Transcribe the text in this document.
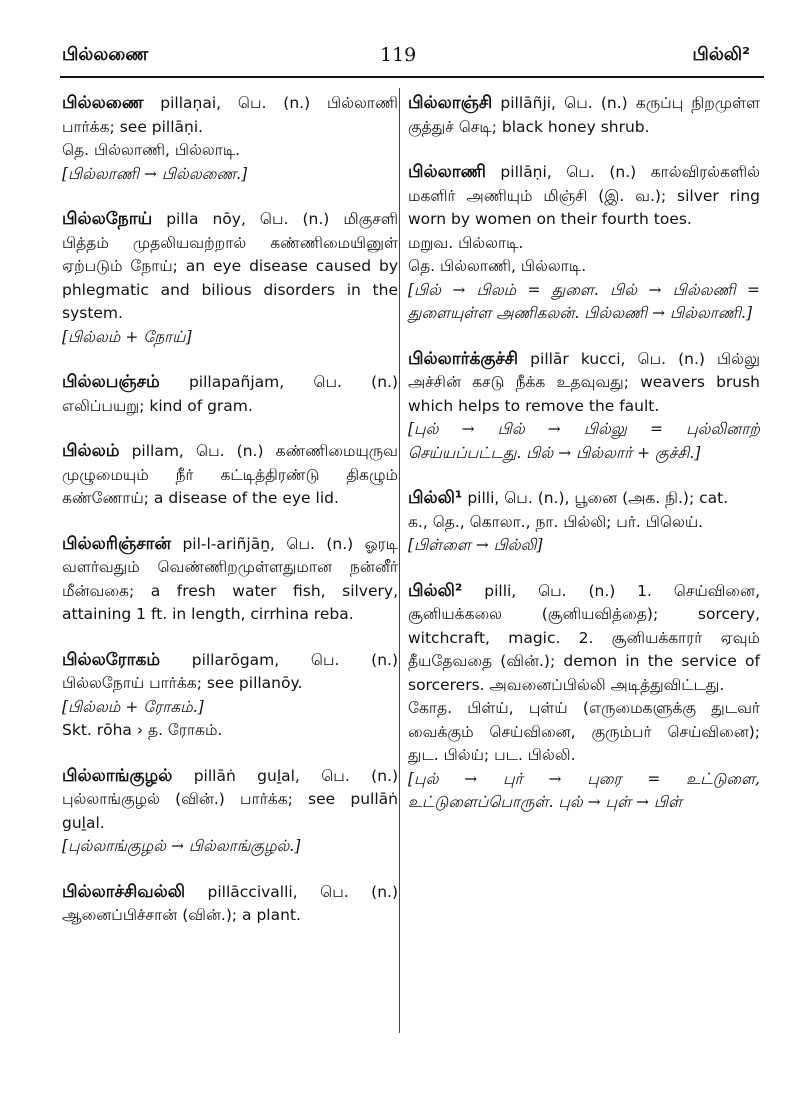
பில்லணை	119	பில்லி²

பில்லணை pillaṇai, பெ. (n.) பில்லாணி பார்க்க; see pillāṇi.

தெ. பில்லாணி, பில்லாடி.

[பில்லாணி → பில்லணை.]

பில்லநோய் pilla nōy, பெ. (n.) மிகுசளி பித்தம் முதலியவற்றால் கண்ணிமையினுள் ஏற்படும் நோய்; an eye disease caused by phlegmatic and bilious disorders in the system.

[பில்லம் + நோய்]

பில்லபஞ்சம் pillapañjam, பெ. (n.) எலிப்பயறு; kind of gram.

பில்லம் pillam, பெ. (n.) கண்ணிமையுருவ முழுமையும் நீர் கட்டித்திரண்டு திகழும் கண்ணோய்; a disease of the eye lid.

பில்லரிஞ்சான் pil-l-ariñjāṉ, பெ. (n.) ஓரடி வளர்வதும் வெண்ணிறமுள்ளதுமான நன்னீர் மீன்வகை; a fresh water fish, silvery, attaining 1 ft. in length, cirrhina reba.

பில்லரோகம் pillarōgam, பெ. (n.) பில்லநோய் பார்க்க; see pillanōy.

[பில்லம் + ரோகம்.]

Skt. rōha › த. ரோகம்.

பில்லாங்குழல் pillāṅ guḻal, பெ. (n.) புல்லாங்குழல் (வின்.) பார்க்க; see pullāṅ guḻal.

[புல்லாங்குழல் → பில்லாங்குழல்.]

பில்லாச்சிவல்லி pillāccivalli, பெ. (n.) ஆனைப்பிச்சான் (வின்.); a plant.

பில்லாஞ்சி pillāñji, பெ. (n.) கருப்பு நிறமுள்ள குத்துச் செடி; black honey shrub.

பில்லாணி pillāṇi, பெ. (n.) கால்விரல்களில் மகளிர் அணியும் மிஞ்சி (இ. வ.); silver ring worn by women on their fourth toes.

மறுவ. பில்லாடி.

தெ. பில்லாணி, பில்லாடி.

[பில் → பிலம் = துளை. பில் → பில்லணி = துளையுள்ள அணிகலன். பில்லணி → பில்லாணி.]

பில்லார்க்குச்சி pillār kucci, பெ. (n.) பில்லு அச்சின் கசடு நீக்க உதவுவது; weavers brush which helps to remove the fault.

[புல் → பில் → பில்லு = புல்லினாற் செய்யப்பட்டது. பில் → பில்லார் + குச்சி.]

பில்லி¹ pilli, பெ. (n.), பூனை (அக. நி.); cat.

க., தெ., கொலா., நா. பில்லி; பர். பிலெய்.

[பிள்ளை → பில்லி]

பில்லி² pilli, பெ. (n.) 1. செய்வினை, சூனியக்கலை (சூனியவித்தை); sorcery, witchcraft, magic. 2. சூனியக்காரர் ஏவும் தீயதேவதை (வின்.); demon in the service of sorcerers. அவனைப்பில்லி அடித்துவிட்டது.

கோத. பிள்ய், புள்ய் (எருமைகளுக்கு துடவர் வைக்கும் செய்வினை, குரும்பர் செய்வினை); துட. பில்ய்; பட. பில்லி.

[புல் → புர் → புரை = உட்டுளை, உட்டுளைப்பொருள். புல் → புள் → பிள்
